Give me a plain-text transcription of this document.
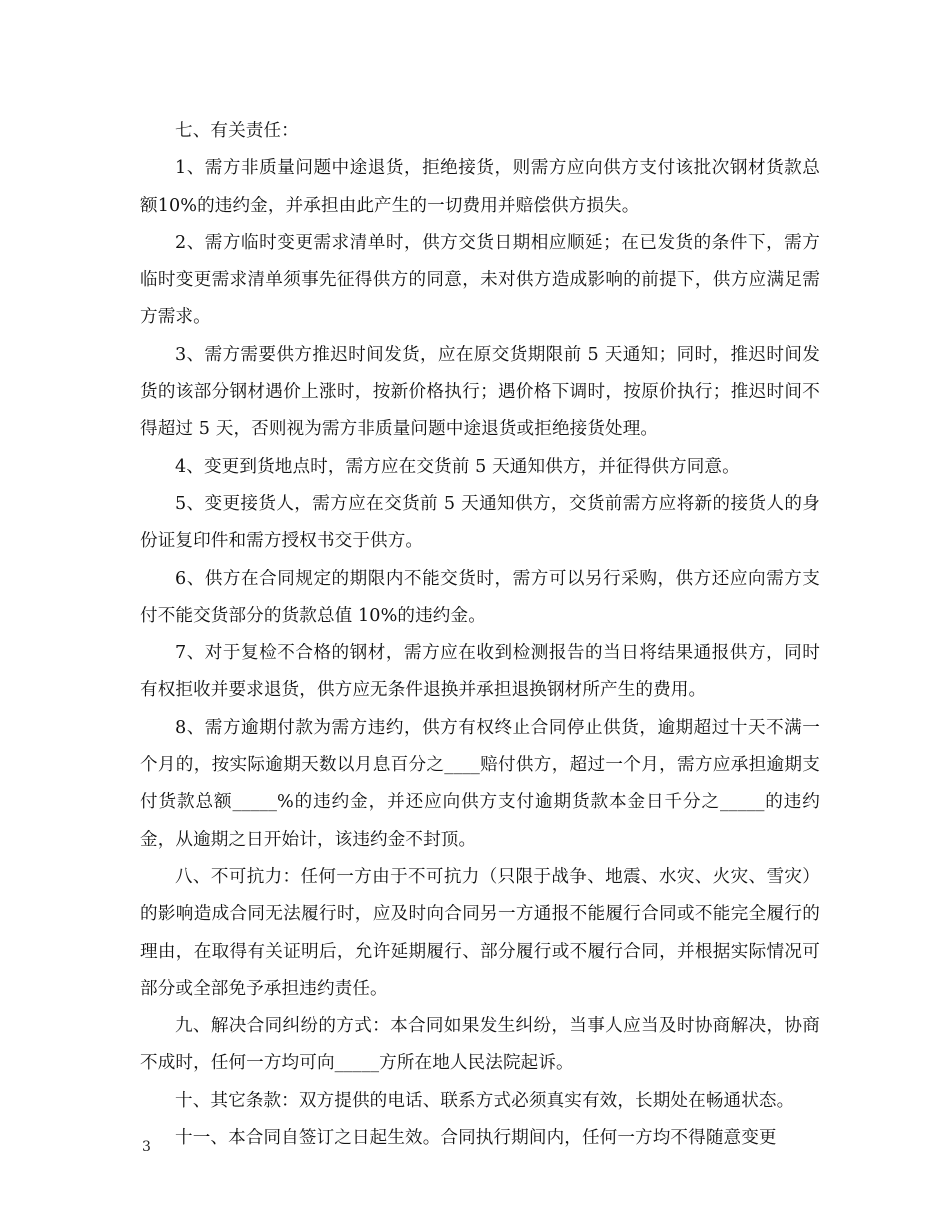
七、有关责任：

1、需方非质量问题中途退货，拒绝接货，则需方应向供方支付该批次钢材货款总额10%的违约金，并承担由此产生的一切费用并赔偿供方损失。

2、需方临时变更需求清单时，供方交货日期相应顺延；在已发货的条件下，需方临时变更需求清单须事先征得供方的同意，未对供方造成影响的前提下，供方应满足需方需求。

3、需方需要供方推迟时间发货，应在原交货期限前 5 天通知；同时，推迟时间发货的该部分钢材遇价上涨时，按新价格执行；遇价格下调时，按原价执行；推迟时间不得超过 5 天，否则视为需方非质量问题中途退货或拒绝接货处理。

4、变更到货地点时，需方应在交货前 5 天通知供方，并征得供方同意。

5、变更接货人，需方应在交货前 5 天通知供方，交货前需方应将新的接货人的身份证复印件和需方授权书交于供方。

6、供方在合同规定的期限内不能交货时，需方可以另行采购，供方还应向需方支付不能交货部分的货款总值 10%的违约金。

7、对于复检不合格的钢材，需方应在收到检测报告的当日将结果通报供方，同时有权拒收并要求退货，供方应无条件退换并承担退换钢材所产生的费用。

8、需方逾期付款为需方违约，供方有权终止合同停止供货，逾期超过十天不满一个月的，按实际逾期天数以月息百分之____赔付供方，超过一个月，需方应承担逾期支付货款总额_____%的违约金，并还应向供方支付逾期货款本金日千分之_____的违约金，从逾期之日开始计，该违约金不封顶。

八、不可抗力：任何一方由于不可抗力（只限于战争、地震、水灾、火灾、雪灾）的影响造成合同无法履行时，应及时向合同另一方通报不能履行合同或不能完全履行的理由，在取得有关证明后，允许延期履行、部分履行或不履行合同，并根据实际情况可部分或全部免予承担违约责任。

九、解决合同纠纷的方式：本合同如果发生纠纷，当事人应当及时协商解决，协商不成时，任何一方均可向_____方所在地人民法院起诉。

十、其它条款：双方提供的电话、联系方式必须真实有效，长期处在畅通状态。

十一、本合同自签订之日起生效。合同执行期间内，任何一方均不得随意变更

3
